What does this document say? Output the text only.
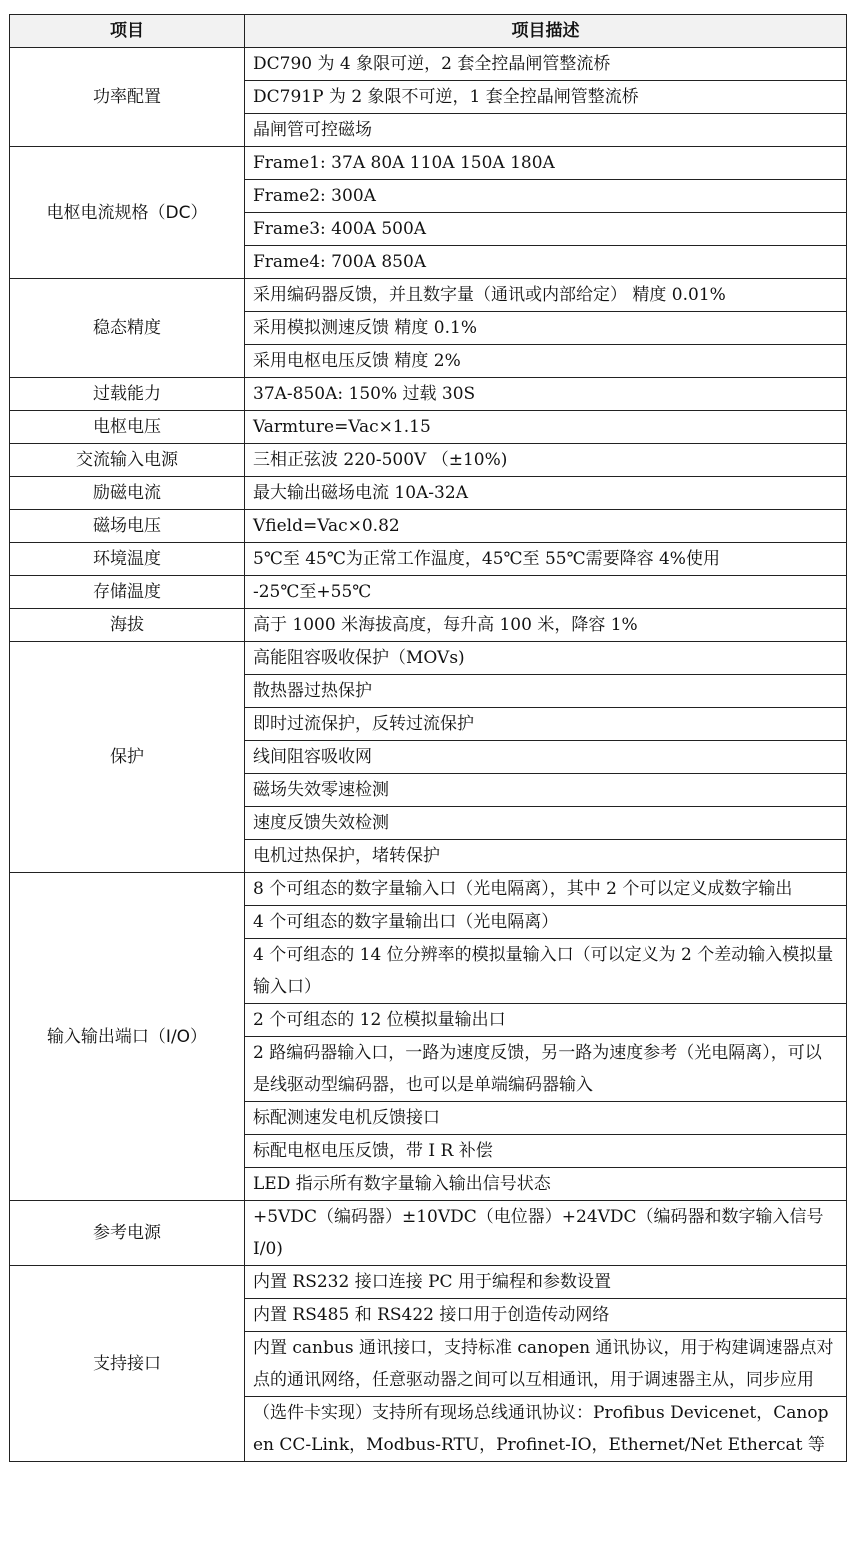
项目	项目描述
功率配置	DC790 为 4 象限可逆，2 套全控晶闸管整流桥
	DC791P 为 2 象限不可逆，1 套全控晶闸管整流桥
	晶闸管可控磁场
电枢电流规格（DC）	Frame1: 37A 80A 110A 150A 180A
	Frame2: 300A
	Frame3: 400A 500A
	Frame4: 700A 850A
稳态精度	采用编码器反馈，并且数字量（通讯或内部给定） 精度 0.01%
	采用模拟测速反馈 精度 0.1%
	采用电枢电压反馈 精度 2%
过载能力	37A-850A: 150% 过载 30S
电枢电压	Varmture=Vac×1.15
交流输入电源	三相正弦波 220-500V （±10%)
励磁电流	最大输出磁场电流 10A-32A
磁场电压	Vfield=Vac×0.82
环境温度	5℃至 45℃为正常工作温度，45℃至 55℃需要降容 4%使用
存储温度	-25℃至+55℃
海拔	高于 1000 米海拔高度，每升高 100 米，降容 1%
保护	高能阻容吸收保护（MOVs)
	散热器过热保护
	即时过流保护，反转过流保护
	线间阻容吸收网
	磁场失效零速检测
	速度反馈失效检测
	电机过热保护，堵转保护
输入输出端口（I/O）	8 个可组态的数字量输入口（光电隔离），其中 2 个可以定义成数字输出
	4 个可组态的数字量输出口（光电隔离）
	4 个可组态的 14 位分辨率的模拟量输入口（可以定义为 2 个差动输入模拟量输入口）
	2 个可组态的 12 位模拟量输出口
	2 路编码器输入口，一路为速度反馈，另一路为速度参考（光电隔离），可以是线驱动型编码器，也可以是单端编码器输入
	标配测速发电机反馈接口
	标配电枢电压反馈，带 I R 补偿
	LED 指示所有数字量输入输出信号状态
参考电源	+5VDC（编码器）±10VDC（电位器）+24VDC（编码器和数字输入信号 I/0)
支持接口	内置 RS232 接口连接 PC 用于编程和参数设置
	内置 RS485 和 RS422 接口用于创造传动网络
	内置 canbus 通讯接口，支持标准 canopen 通讯协议，用于构建调速器点对点的通讯网络，任意驱动器之间可以互相通讯，用于调速器主从，同步应用
	（选件卡实现）支持所有现场总线通讯协议：Profibus Devicenet，Canopen CC-Link，Modbus-RTU，Profinet-IO，Ethernet/Net Ethercat 等
